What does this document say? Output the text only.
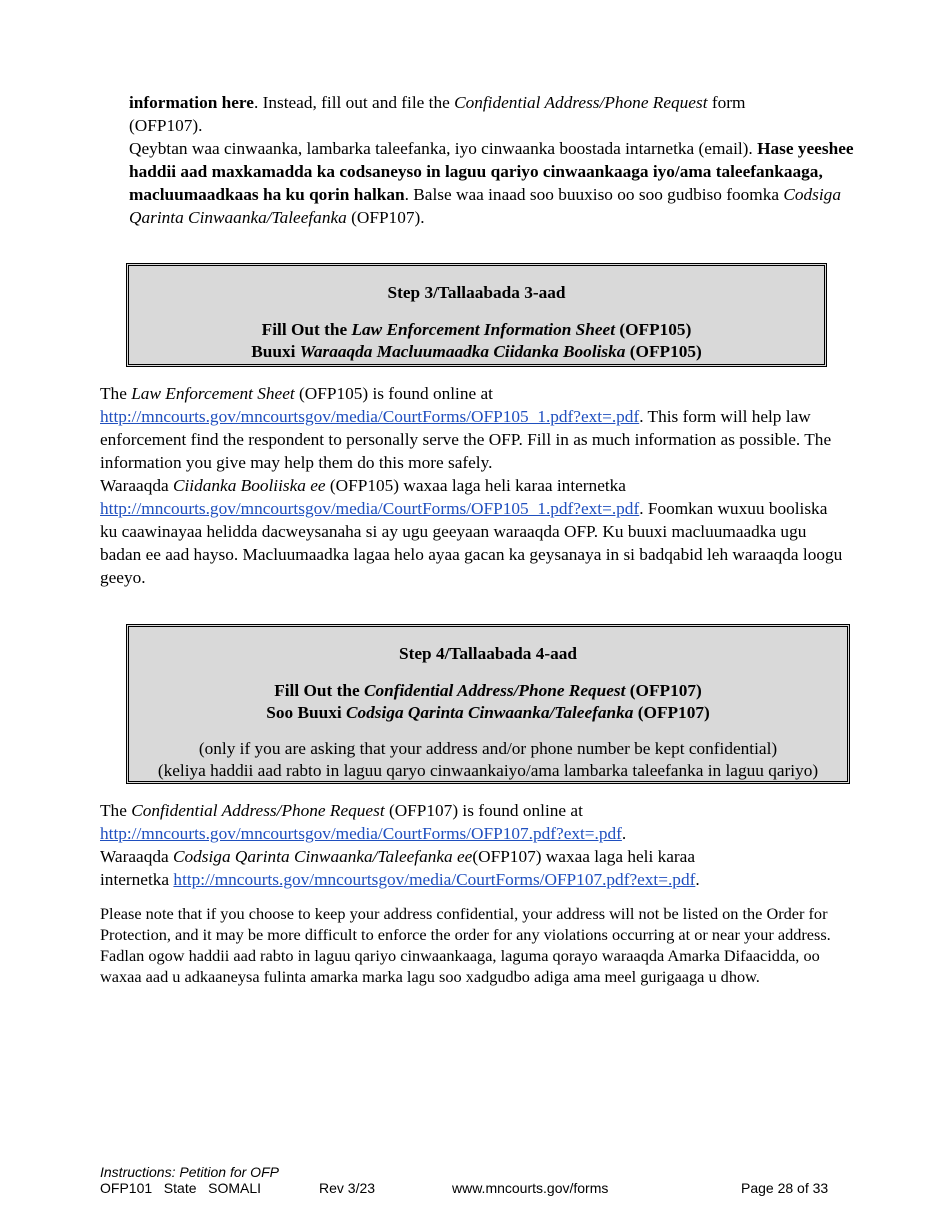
information here. Instead, fill out and file the Confidential Address/Phone Request form
(OFP107).

Qeybtan waa cinwaanka, lambarka taleefanka, iyo cinwaanka boostada intarnetka (email). Hase yeeshee haddii aad maxkamadda ka codsaneyso in laguu qariyo cinwaankaaga iyo/ama taleefankaaga, macluumaadkaas ha ku qorin halkan. Balse waa inaad soo buuxiso oo soo gudbiso foomka Codsiga Qarinta Cinwaanka/Taleefanka (OFP107).

Step 3/Tallaabada 3-aad

Fill Out the Law Enforcement Information Sheet (OFP105)

Buuxi Waraaqda Macluumaadka Ciidanka Booliska (OFP105)

The Law Enforcement Sheet (OFP105) is found online at
http://mncourts.gov/mncourtsgov/media/CourtForms/OFP105_1.pdf?ext=.pdf. This form will help law enforcement find the respondent to personally serve the OFP. Fill in as much information as possible. The information you give may help them do this more safely.

Waraaqda Ciidanka Booliiska ee (OFP105) waxaa laga heli karaa internetka
http://mncourts.gov/mncourtsgov/media/CourtForms/OFP105_1.pdf?ext=.pdf. Foomkan wuxuu booliska ku caawinayaa helidda dacweysanaha si ay ugu geeyaan waraaqda OFP. Ku buuxi macluumaadka ugu badan ee aad hayso. Macluumaadka lagaa helo ayaa gacan ka geysanaya in si badqabid leh waraaqda loogu geeyo.

Step 4/Tallaabada 4-aad

Fill Out the Confidential Address/Phone Request (OFP107)

Soo Buuxi Codsiga Qarinta Cinwaanka/Taleefanka (OFP107)

(only if you are asking that your address and/or phone number be kept confidential)

(keliya haddii aad rabto in laguu qaryo cinwaankaiyo/ama lambarka taleefanka in laguu qariyo)

The Confidential Address/Phone Request (OFP107) is found online at
http://mncourts.gov/mncourtsgov/media/CourtForms/OFP107.pdf?ext=.pdf.

Waraaqda Codsiga Qarinta Cinwaanka/Taleefanka ee(OFP107) waxaa laga heli karaa
internetka http://mncourts.gov/mncourtsgov/media/CourtForms/OFP107.pdf?ext=.pdf.

Please note that if you choose to keep your address confidential, your address will not be listed on the Order for Protection, and it may be more difficult to enforce the order for any violations occurring at or near your address.

Fadlan ogow haddii aad rabto in laguu qariyo cinwaankaaga, laguma qorayo waraaqda Amarka Difaacidda, oo waxaa aad u adkaaneysa fulinta amarka marka lagu soo xadgudbo adiga ama meel gurigaaga u dhow.

Instructions: Petition for OFP
OFP101   State   SOMALI	Rev 3/23	www.mncourts.gov/forms	Page 28 of 33
